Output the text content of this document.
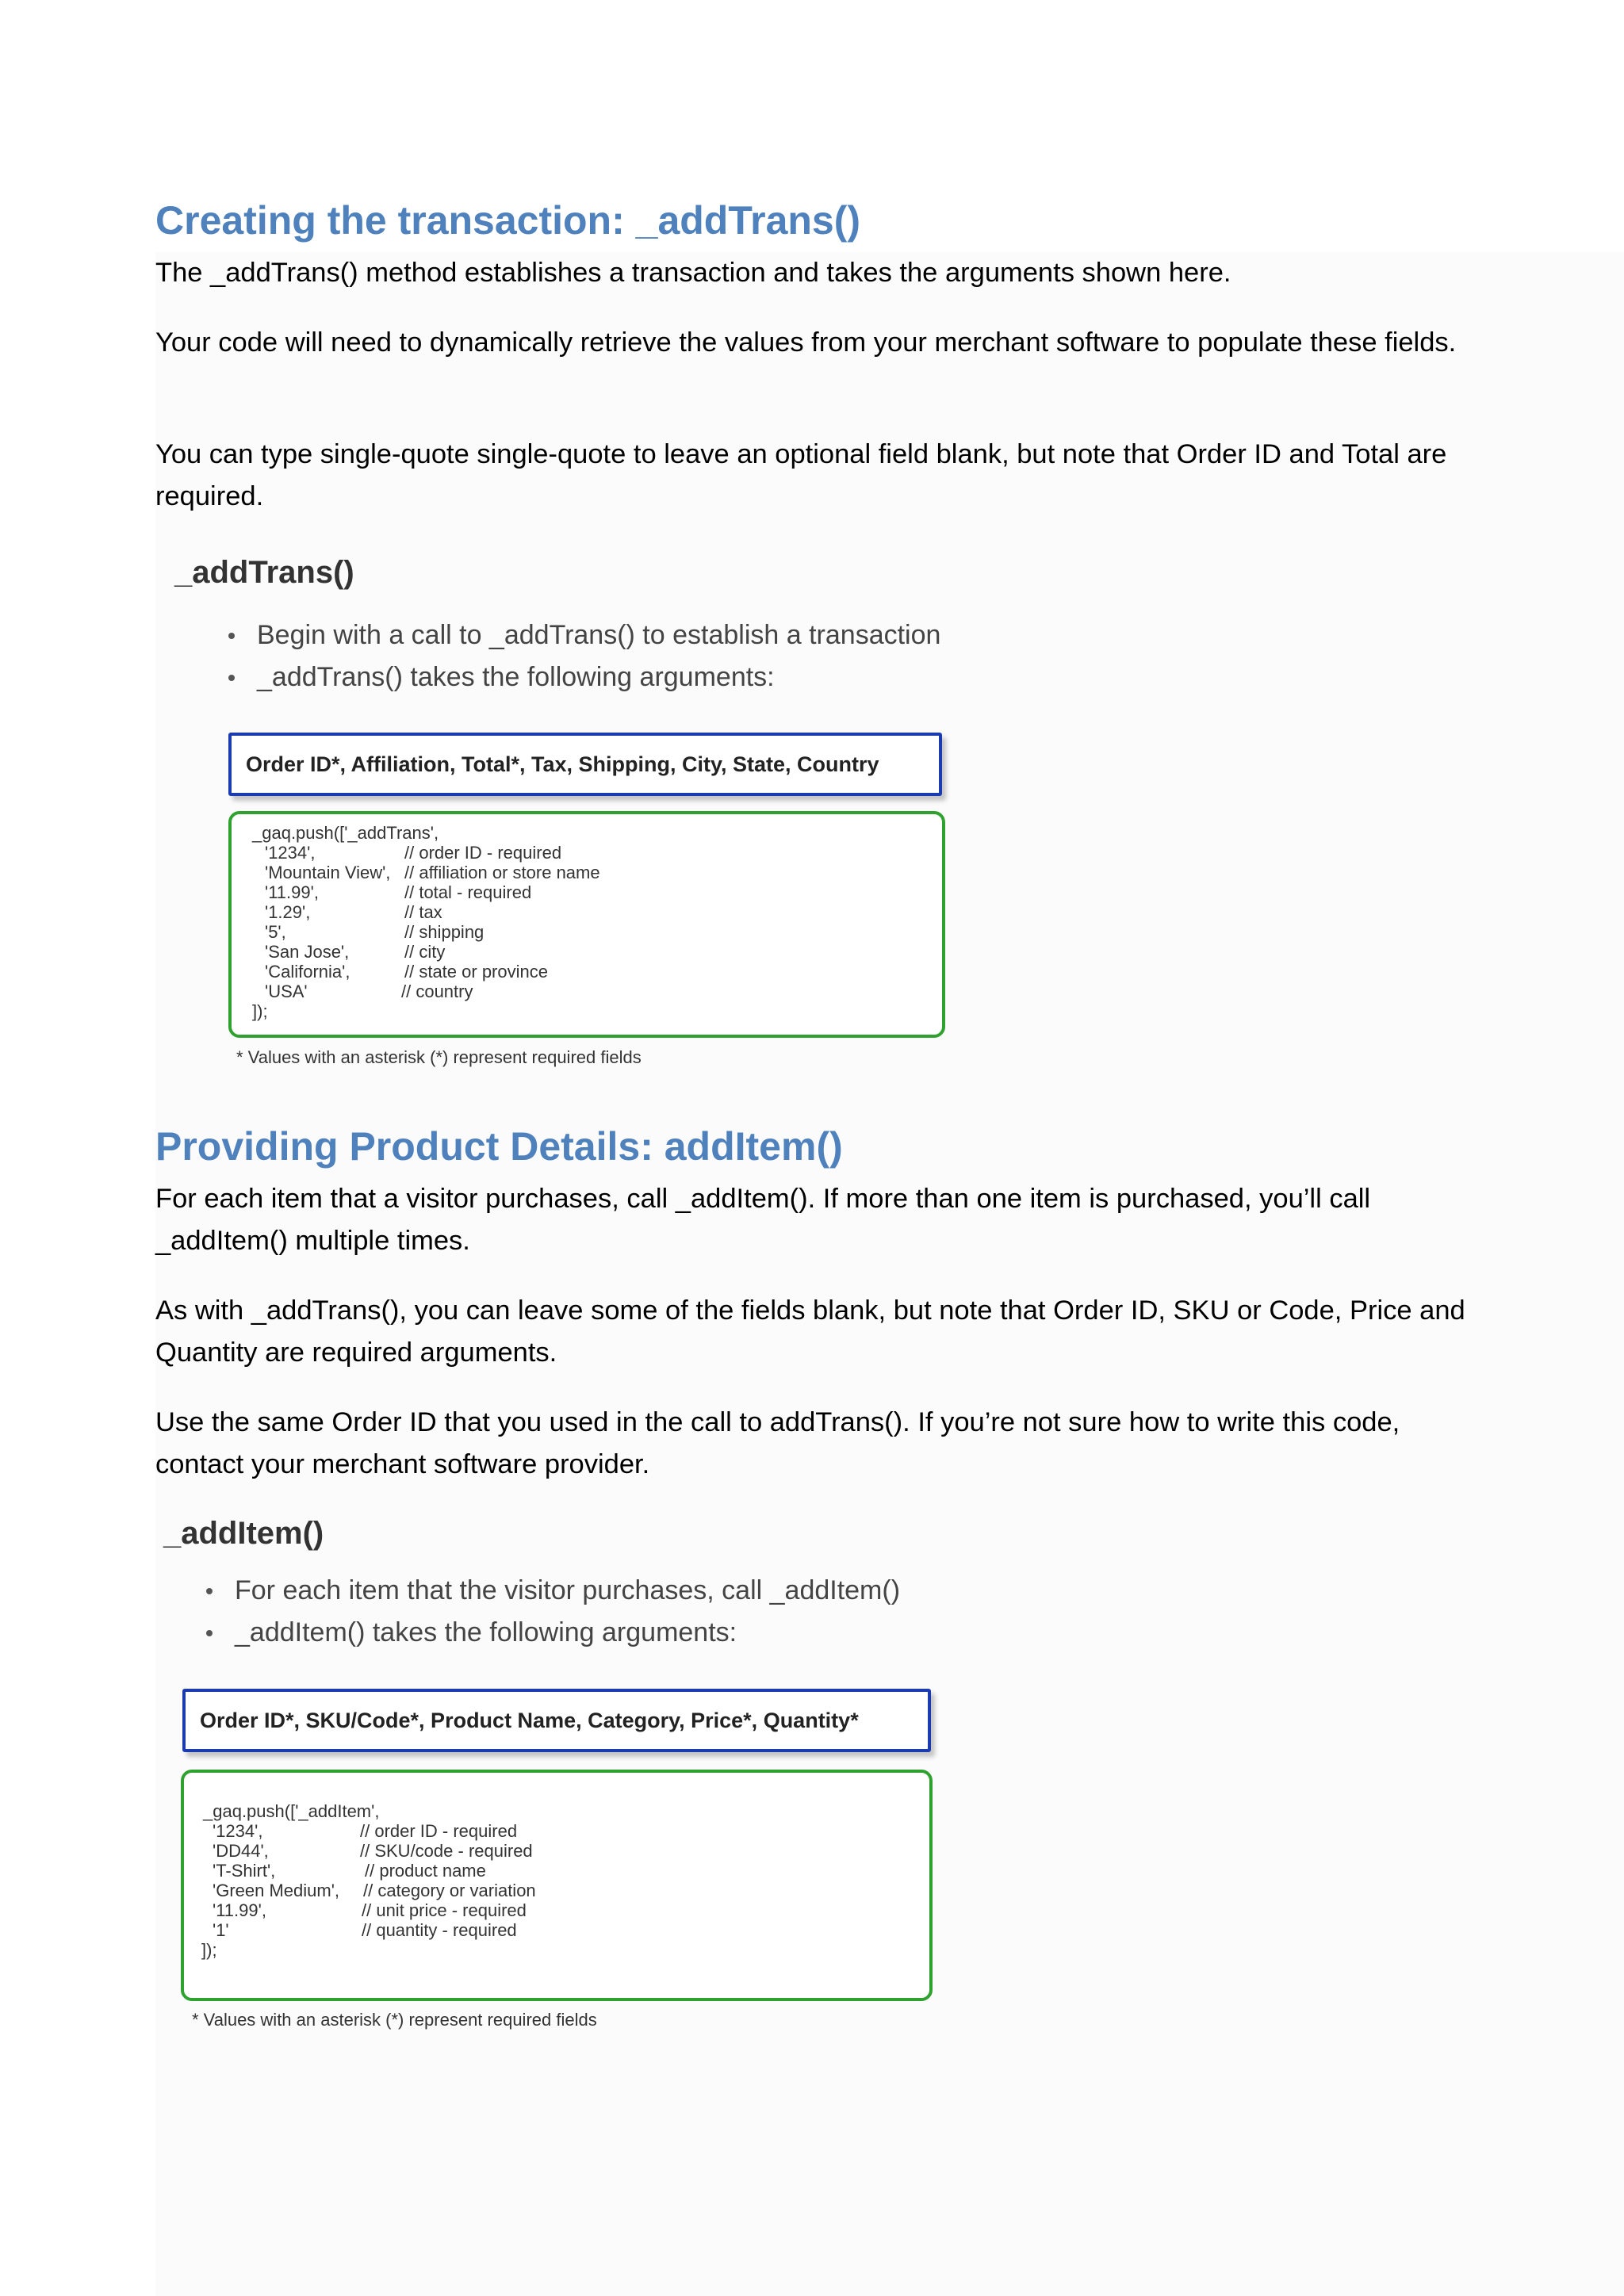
Creating the transaction: _addTrans()

The _addTrans() method establishes a transaction and takes the arguments shown here.

Your code will need to dynamically retrieve the values from your merchant software to populate these fields.

You can type single-quote single-quote to leave an optional field blank, but note that Order ID and Total are required.

_addTrans()
Begin with a call to _addTrans() to establish a transaction
_addTrans() takes the following arguments:
Order ID*, Affiliation, Total*, Tax, Shipping, City, State, Country
_gaq.push(['_addTrans',
'1234',	// order ID - required
'Mountain View', // affiliation or store name
'11.99',	// total - required
'1.29',	// tax
'5',	// shipping
'San Jose',	// city
'California',	// state or province
'USA'	// country
]);
* Values with an asterisk (*) represent required fields
Providing Product Details: addItem()

For each item that a visitor purchases, call _addItem(). If more than one item is purchased, you’ll call _addItem() multiple times.

As with _addTrans(), you can leave some of the fields blank, but note that Order ID, SKU or Code, Price and Quantity are required arguments.

Use the same Order ID that you used in the call to addTrans(). If you’re not sure how to write this code, contact your merchant software provider.

_addItem()
For each item that the visitor purchases, call _addItem()
_addItem() takes the following arguments:
Order ID*, SKU/Code*, Product Name, Category, Price*, Quantity*
_gaq.push(['_addItem',
'1234',	// order ID - required
'DD44',	// SKU/code - required
'T-Shirt',	// product name
'Green Medium', // category or variation
'11.99',	// unit price - required
'1'	// quantity - required
]);
* Values with an asterisk (*) represent required fields
